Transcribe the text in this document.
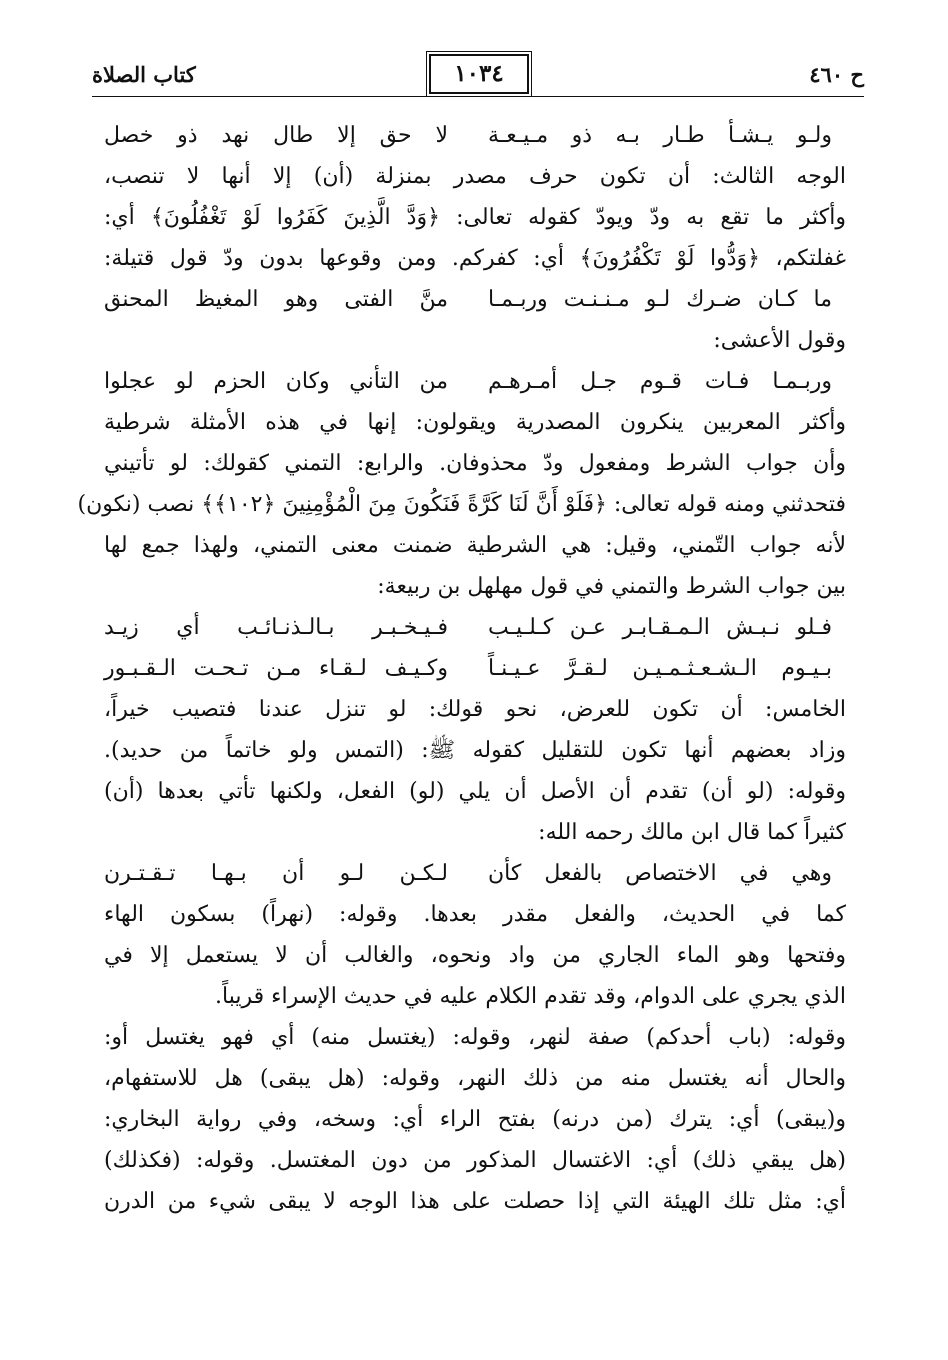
ح ٤٦٠
١٠٣٤
كتاب الصلاة
ولـو يـشـأ طـار بـه ذو مـيـعـة
لا حق إلا طال نهد ذو خصل
الوجه الثالث: أن تكون حرف مصدر بمنزلة (أن) إلا أنها لا تنصب،
وأكثر ما تقع به ودّ ويودّ كقوله تعالى: ﴿وَدَّ الَّذِينَ كَفَرُوا لَوْ تَغْفُلُونَ﴾ أي:
غفلتكم، ﴿وَدُّوا لَوْ تَكْفُرُونَ﴾ أي: كفركم. ومن وقوعها بدون ودّ قول قتيلة:
ما كـان ضـرك لـو مـنـنـت وربـمـا
منَّ الفتى وهو المغيظ المحنق
وقول الأعشى:
وربـمـا فـات قـوم جـل أمـرهـم
من التأني وكان الحزم لو عجلوا
وأكثر المعربين ينكرون المصدرية ويقولون: إنها في هذه الأمثلة شرطية
وأن جواب الشرط ومفعول ودّ محذوفان. والرابع: التمني كقولك: لو تأتيني
فتحدثني ومنه قوله تعالى: ﴿فَلَوْ أَنَّ لَنَا كَرَّةً فَنَكُونَ مِنَ الْمُؤْمِنِينَ ﴿١٠٢﴾﴾ نصب (نكون)
لأنه جواب التّمني، وقيل: هي الشرطية ضمنت معنى التمني، ولهذا جمع لها
بين جواب الشرط والتمني في قول مهلهل بن ربيعة:
فـلو نـبـش الـمـقـابـر عـن كـلـيـب
فـيـخـبـر بـالـذنـائـب أي زيـد
بـيـوم الـشـعـثـمـيـن لـقـرَّ عـيـنـاً
وكـيـف لـقـاء مـن تـحـت الـقـبـور
الخامس: أن تكون للعرض، نحو قولك: لو تنزل عندنا فتصيب خيراً،
وزاد بعضهم أنها تكون للتقليل كقوله ﷺ: (التمس ولو خاتماً من حديد).
وقوله: (لو أن) تقدم أن الأصل أن يلي (لو) الفعل، ولكنها تأتي بعدها (أن)
كثيراً كما قال ابن مالك رحمه الله:
وهي في الاختصاص بالفعل كأن
لـكـن لـو أن بـهـا تـقـتـرن
كما في الحديث، والفعل مقدر بعدها. وقوله: (نهراً) بسكون الهاء
وفتحها وهو الماء الجاري من واد ونحوه، والغالب أن لا يستعمل إلا في
الذي يجري على الدوام، وقد تقدم الكلام عليه في حديث الإسراء قريباً.
وقوله: (باب أحدكم) صفة لنهر، وقوله: (يغتسل منه) أي فهو يغتسل أو:
والحال أنه يغتسل منه من ذلك النهر، وقوله: (هل يبقى) هل للاستفهام،
و(يبقى) أي: يترك (من درنه) بفتح الراء أي: وسخه، وفي رواية البخاري:
(هل يبقي ذلك) أي: الاغتسال المذكور من دون المغتسل. وقوله: (فكذلك)
أي: مثل تلك الهيئة التي إذا حصلت على هذا الوجه لا يبقى شيء من الدرن
